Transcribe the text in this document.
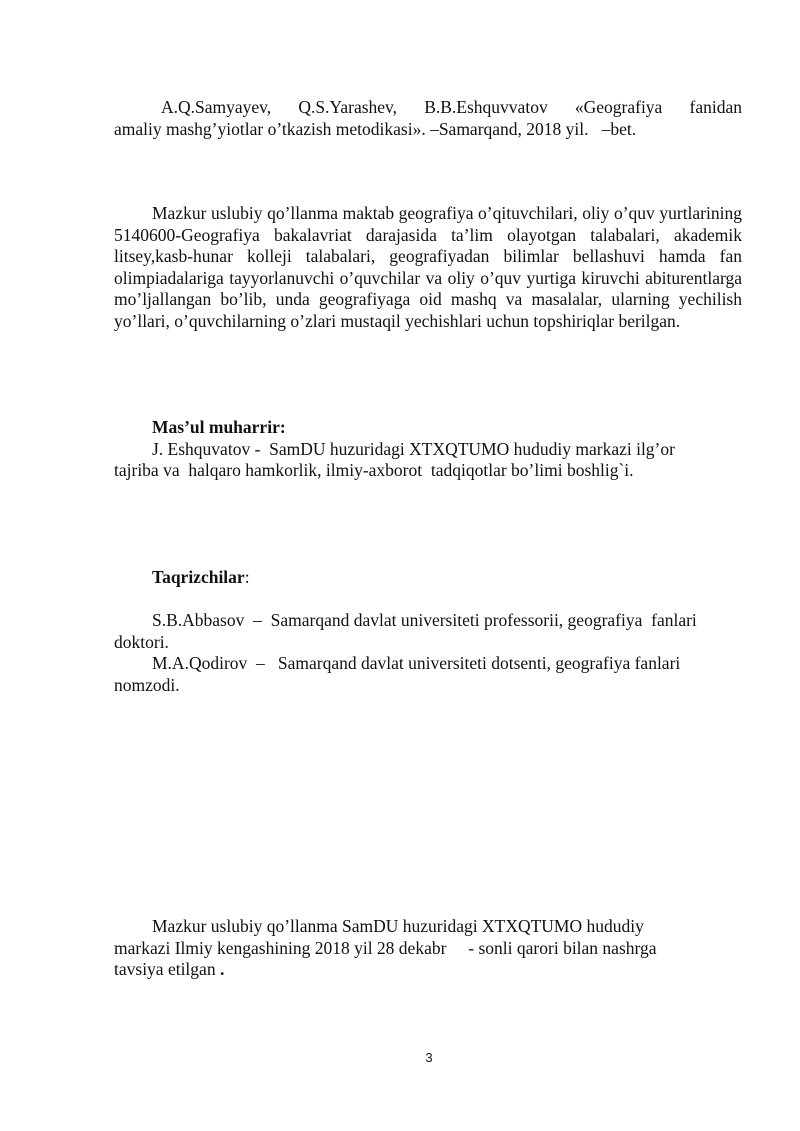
A.Q.Samyayev, Q.S.Yarashev, B.B.Eshquvvatov «Geografiya fanidan
amaliy mashg’yiotlar o’tkazish metodikasi». –Samarqand, 2018 yil.   –bet.
Mazkur uslubiy qo’llanma maktab geografiya o’qituvchilari, oliy o’quv yurtlarining 5140600-Geografiya bakalavriat darajasida ta’lim olayotgan talabalari, akademik litsey,kasb-hunar kolleji talabalari, geografiyadan bilimlar bellashuvi hamda fan olimpiadalariga tayyorlanuvchi o’quvchilar va oliy o’quv yurtiga kiruvchi abiturentlarga mo’ljallangan bo’lib, unda geografiyaga oid mashq va masalalar, ularning yechilish yo’llari, o’quvchilarning o’zlari mustaqil yechishlari uchun topshiriqlar berilgan.
Mas’ul muharrir:
J. Eshquvatov -  SamDU huzuridagi XTXQTUMO hududiy markazi ilg’or
tajriba va  halqaro hamkorlik, ilmiy-axborot  tadqiqotlar bo’limi boshlig`i.
Taqrizchilar:
S.B.Abbasov  –  Samarqand davlat universiteti professorii, geografiya  fanlari
doktori.
M.A.Qodirov  –   Samarqand davlat universiteti dotsenti, geografiya fanlari
nomzodi.
Mazkur uslubiy qo’llanma SamDU huzuridagi XTXQTUMO hududiy
markazi Ilmiy kengashining 2018 yil 28 dekabr     - sonli qarori bilan nashrga
tavsiya etilgan .
3
